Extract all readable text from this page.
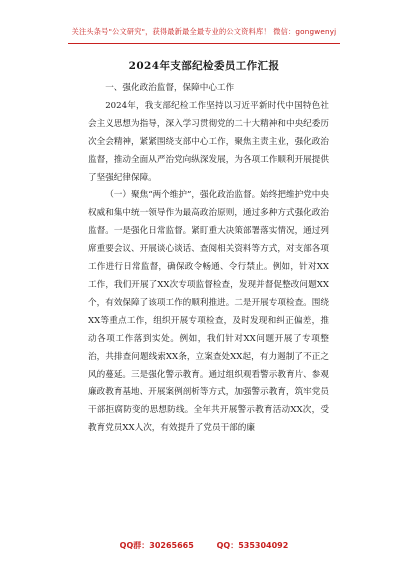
关注头条号"公文研究"，获得最新最全最专业的公文资料库！ 微信：gongwenyj
2024年支部纪检委员工作汇报

一、强化政治监督，保障中心工作

2024年，我支部纪检工作坚持以习近平新时代中国特色社会主义思想为指导，深入学习贯彻党的二十大精神和中央纪委历次全会精神，紧紧围绕支部中心工作，聚焦主责主业，强化政治监督，推动全面从严治党向纵深发展，为各项工作顺利开展提供了坚强纪律保障。

（一）聚焦“两个维护”，强化政治监督。始终把维护党中央权威和集中统一领导作为最高政治原则，通过多种方式强化政治监督。一是强化日常监督。紧盯重大决策部署落实情况，通过列席重要会议、开展谈心谈话、查阅相关资料等方式，对支部各项工作进行日常监督，确保政令畅通、令行禁止。例如，针对XX工作，我们开展了XX次专项监督检查，发现并督促整改问题XX个，有效保障了该项工作的顺利推进。二是开展专项检查。围绕XX等重点工作，组织开展专项检查，及时发现和纠正偏差，推动各项工作落到实处。例如，我们针对XX问题开展了专项整治，共排查问题线索XX条，立案查处XX起，有力遏制了不正之风的蔓延。三是强化警示教育。通过组织观看警示教育片、参观廉政教育基地、开展案例剖析等方式，加强警示教育，筑牢党员干部拒腐防变的思想防线。全年共开展警示教育活动XX次，受教育党员XX人次，有效提升了党员干部的廉

QQ群：30265665	QQ：535304092
